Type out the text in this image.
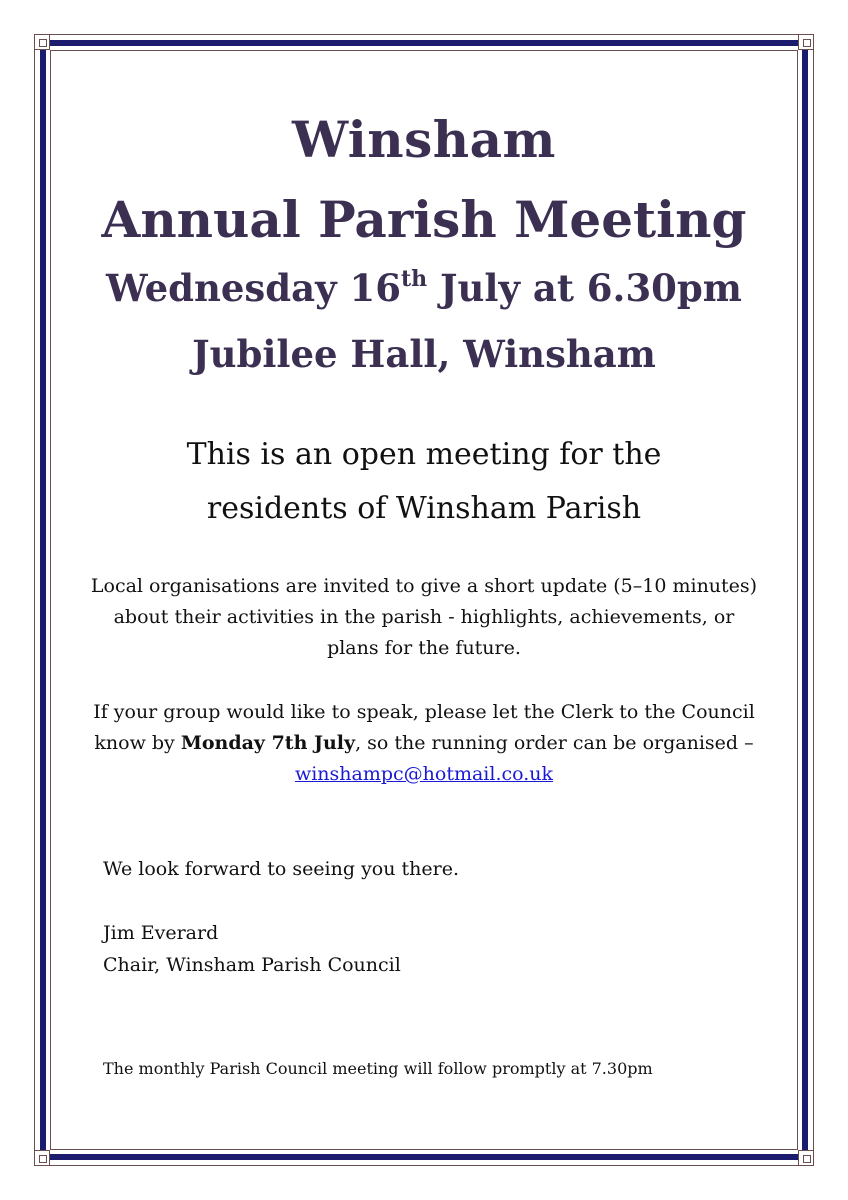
Winsham
Annual Parish Meeting
Wednesday 16th July at 6.30pm
Jubilee Hall, Winsham
This is an open meeting for the
residents of Winsham Parish

Local organisations are invited to give a short update (5–10 minutes) about their activities in the parish - highlights, achievements, or plans for the future.

If your group would like to speak, please let the Clerk to the Council know by Monday 7th July, so the running order can be organised – winshampc@hotmail.co.uk

We look forward to seeing you there.

Jim Everard

Chair, Winsham Parish Council

The monthly Parish Council meeting will follow promptly at 7.30pm
